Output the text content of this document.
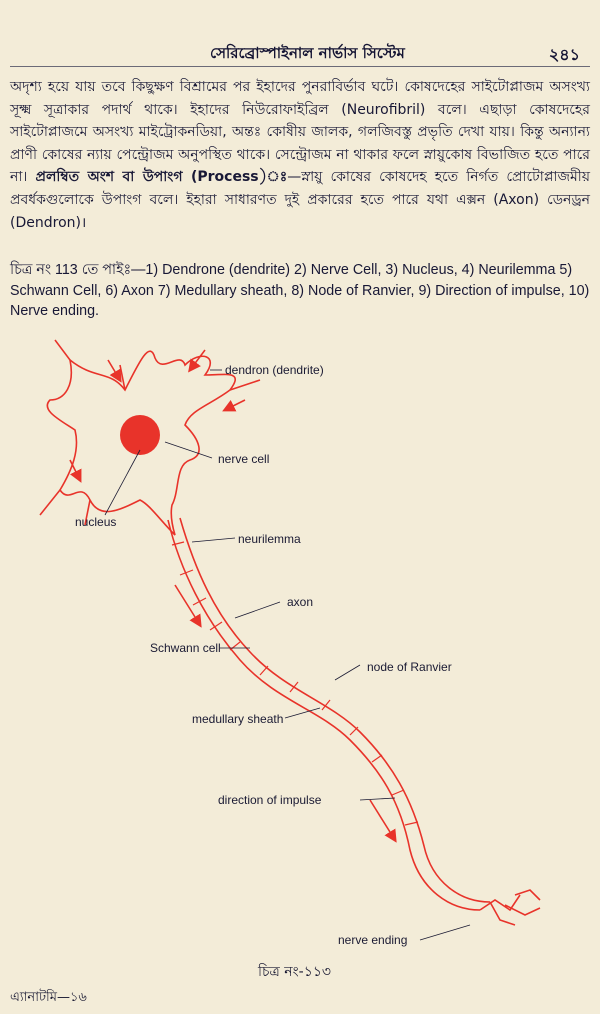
সেরিব্রোস্পাইনাল নার্ভাস সিস্টেম	২৪১
অদৃশ্য হয়ে যায় তবে কিছুক্ষণ বিশ্রামের পর ইহাদের পুনরাবির্ভাব ঘটে। কোষদেহের সাইটোপ্লাজম অসংখ্য সূক্ষ্ম সূত্রাকার পদার্থ থাকে। ইহাদের নিউরোফাইব্রিল (Neurofibril) বলে। এছাড়া কোষদেহের সাইটোপ্লাজমে অসংখ্য মাইট্রোকনডিয়া, অন্তঃ কোষীয় জালক, গলজিবস্তু প্রভৃতি দেখা যায়। কিন্তু অন্যান্য প্রাণী কোষের ন্যায় পেন্ট্রোজম অনুপস্থিত থাকে। সেন্ট্রোজম না থাকার ফলে স্নায়ুকোষ বিভাজিত হতে পারে না। প্রলম্বিত অংশ বা উপাংগ (Process)ঃ—স্নায়ু কোষের কোষদেহ হতে নির্গত প্রোটোপ্লাজমীয় প্রবর্ধকগুলোকে উপাংগ বলে। ইহারা সাধারণত দুই প্রকারের হতে পারে যথা এক্সন (Axon) ডেনড্রন (Dendron)।
চিত্র নং 113 তে পাইঃ—1) Dendrone (dendrite) 2) Nerve Cell, 3) Nucleus, 4) Neurilemma 5) Schwann Cell, 6) Axon 7) Medullary sheath, 8) Node of Ranvier, 9) Direction of impulse, 10) Nerve ending.
dendron (dendrite)
nerve cell
nucleus
neurilemma
axon
Schwann cell
node of Ranvier
medullary sheath
direction of impulse
nerve ending
চিত্র নং-১১৩
এ্যানাটমি—১৬
